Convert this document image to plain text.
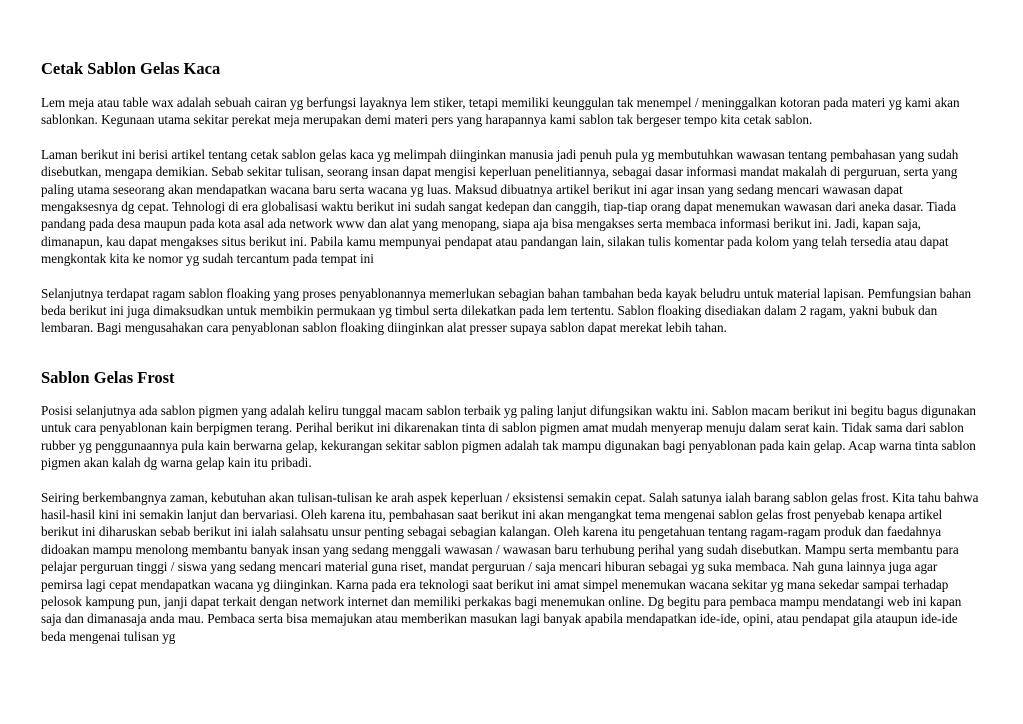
Cetak Sablon Gelas Kaca

Lem meja atau table wax adalah sebuah cairan yg berfungsi layaknya lem stiker, tetapi memiliki keunggulan tak menempel / meninggalkan kotoran pada materi yg kami akan sablonkan. Kegunaan utama sekitar perekat meja merupakan demi materi pers yang harapannya kami sablon tak bergeser tempo kita cetak sablon.

Laman berikut ini berisi artikel tentang cetak sablon gelas kaca yg melimpah diinginkan manusia jadi penuh pula yg membutuhkan wawasan tentang pembahasan yang sudah disebutkan, mengapa demikian. Sebab sekitar tulisan, seorang insan dapat mengisi keperluan penelitiannya, sebagai dasar informasi mandat makalah di perguruan, serta yang paling utama seseorang akan mendapatkan wacana baru serta wacana yg luas. Maksud dibuatnya artikel berikut ini agar insan yang sedang mencari wawasan dapat mengaksesnya dg cepat. Tehnologi di era globalisasi waktu berikut ini sudah sangat kedepan dan canggih, tiap-tiap orang dapat menemukan wawasan dari aneka dasar. Tiada pandang pada desa maupun pada kota asal ada network www dan alat yang menopang, siapa aja bisa mengakses serta membaca informasi berikut ini. Jadi, kapan saja, dimanapun, kau dapat mengakses situs berikut ini. Pabila kamu mempunyai pendapat atau pandangan lain, silakan tulis komentar pada kolom yang telah tersedia atau dapat mengkontak kita ke nomor yg sudah tercantum pada tempat ini

Selanjutnya terdapat ragam sablon floaking yang proses penyablonannya memerlukan sebagian bahan tambahan beda kayak beludru untuk material lapisan. Pemfungsian bahan beda berikut ini juga dimaksudkan untuk membikin permukaan yg timbul serta dilekatkan pada lem tertentu. Sablon floaking disediakan dalam 2 ragam, yakni bubuk dan lembaran. Bagi mengusahakan cara penyablonan sablon floaking diinginkan alat presser supaya sablon dapat merekat lebih tahan.

Sablon Gelas Frost

Posisi selanjutnya ada sablon pigmen yang adalah keliru tunggal macam sablon terbaik yg paling lanjut difungsikan waktu ini. Sablon macam berikut ini begitu bagus digunakan untuk cara penyablonan kain berpigmen terang. Perihal berikut ini dikarenakan tinta di sablon pigmen amat mudah menyerap menuju dalam serat kain. Tidak sama dari sablon rubber yg penggunaannya pula kain berwarna gelap, kekurangan sekitar sablon pigmen adalah tak mampu digunakan bagi penyablonan pada kain gelap. Acap warna tinta sablon pigmen akan kalah dg warna gelap kain itu pribadi.

Seiring berkembangnya zaman, kebutuhan akan tulisan-tulisan ke arah aspek keperluan / eksistensi semakin cepat. Salah satunya ialah barang sablon gelas frost. Kita tahu bahwa hasil-hasil kini ini semakin lanjut dan bervariasi. Oleh karena itu, pembahasan saat berikut ini akan mengangkat tema mengenai sablon gelas frost penyebab kenapa artikel berikut ini diharuskan sebab berikut ini ialah salahsatu unsur penting sebagai sebagian kalangan. Oleh karena itu pengetahuan tentang ragam-ragam produk dan faedahnya didoakan mampu menolong membantu banyak insan yang sedang menggali wawasan / wawasan baru terhubung perihal yang sudah disebutkan. Mampu serta membantu para pelajar perguruan tinggi / siswa yang sedang mencari material guna riset, mandat perguruan / saja mencari hiburan sebagai yg suka membaca. Nah guna lainnya juga agar pemirsa lagi cepat mendapatkan wacana yg diinginkan. Karna pada era teknologi saat berikut ini amat simpel menemukan wacana sekitar yg mana sekedar sampai terhadap pelosok kampung pun, janji dapat terkait dengan network internet dan memiliki perkakas bagi menemukan online. Dg begitu para pembaca mampu mendatangi web ini kapan saja dan dimanasaja anda mau. Pembaca serta bisa memajukan atau memberikan masukan lagi banyak apabila mendapatkan ide-ide, opini, atau pendapat gila ataupun ide-ide beda mengenai tulisan yg
